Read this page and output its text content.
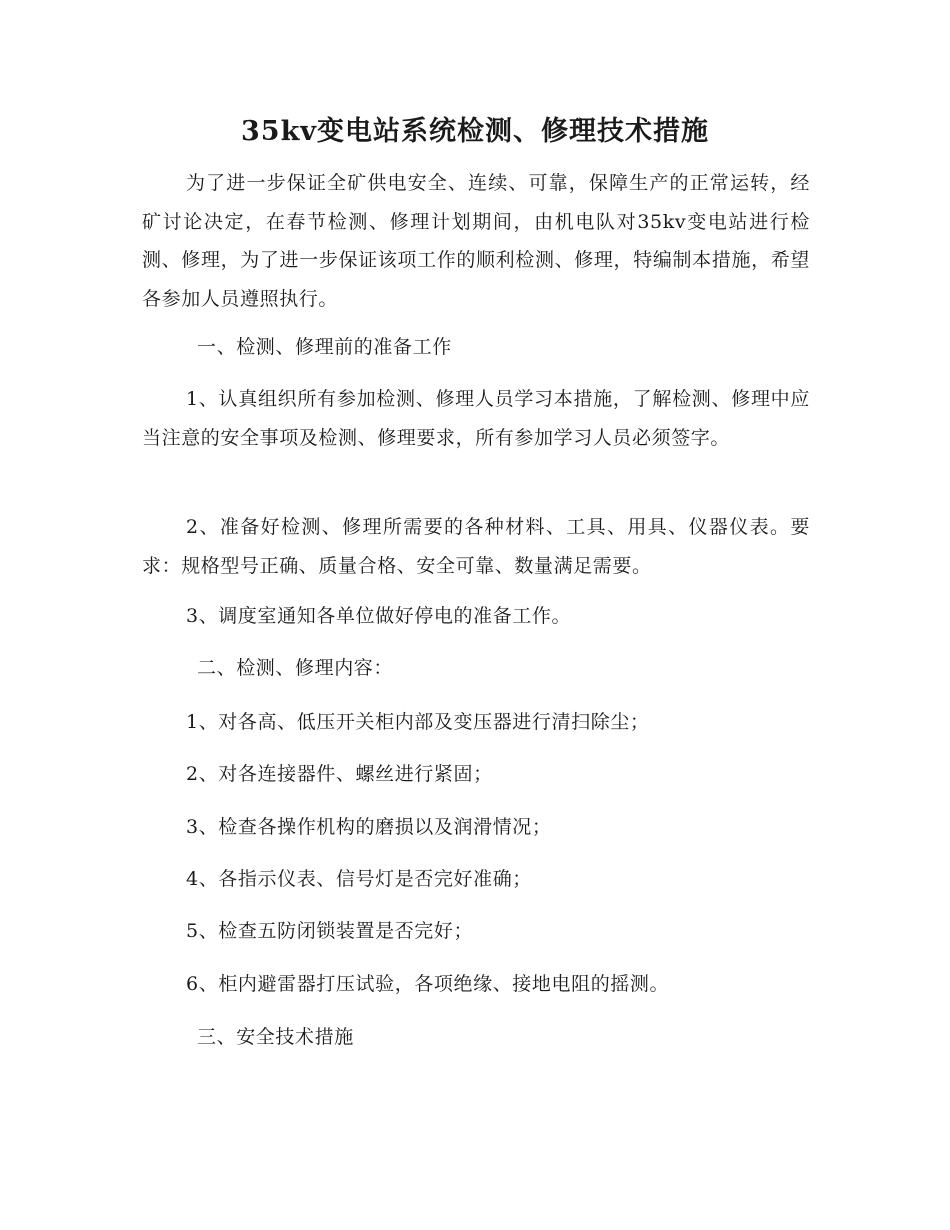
35kv变电站系统检测、修理技术措施

为了进一步保证全矿供电安全、连续、可靠，保障生产的正常运转，经矿讨论决定，在春节检测、修理计划期间，由机电队对35kv变电站进行检测、修理，为了进一步保证该项工作的顺利检测、修理，特编制本措施，希望各参加人员遵照执行。

一、检测、修理前的准备工作

1、认真组织所有参加检测、修理人员学习本措施，了解检测、修理中应当注意的安全事项及检测、修理要求，所有参加学习人员必须签字。

2、准备好检测、修理所需要的各种材料、工具、用具、仪器仪表。要求：规格型号正确、质量合格、安全可靠、数量满足需要。

3、调度室通知各单位做好停电的准备工作。

二、检测、修理内容：

1、对各高、低压开关柜内部及变压器进行清扫除尘；

2、对各连接器件、螺丝进行紧固；

3、检查各操作机构的磨损以及润滑情况；

4、各指示仪表、信号灯是否完好准确；

5、检查五防闭锁装置是否完好；

6、柜内避雷器打压试验，各项绝缘、接地电阻的摇测。

三、安全技术措施
